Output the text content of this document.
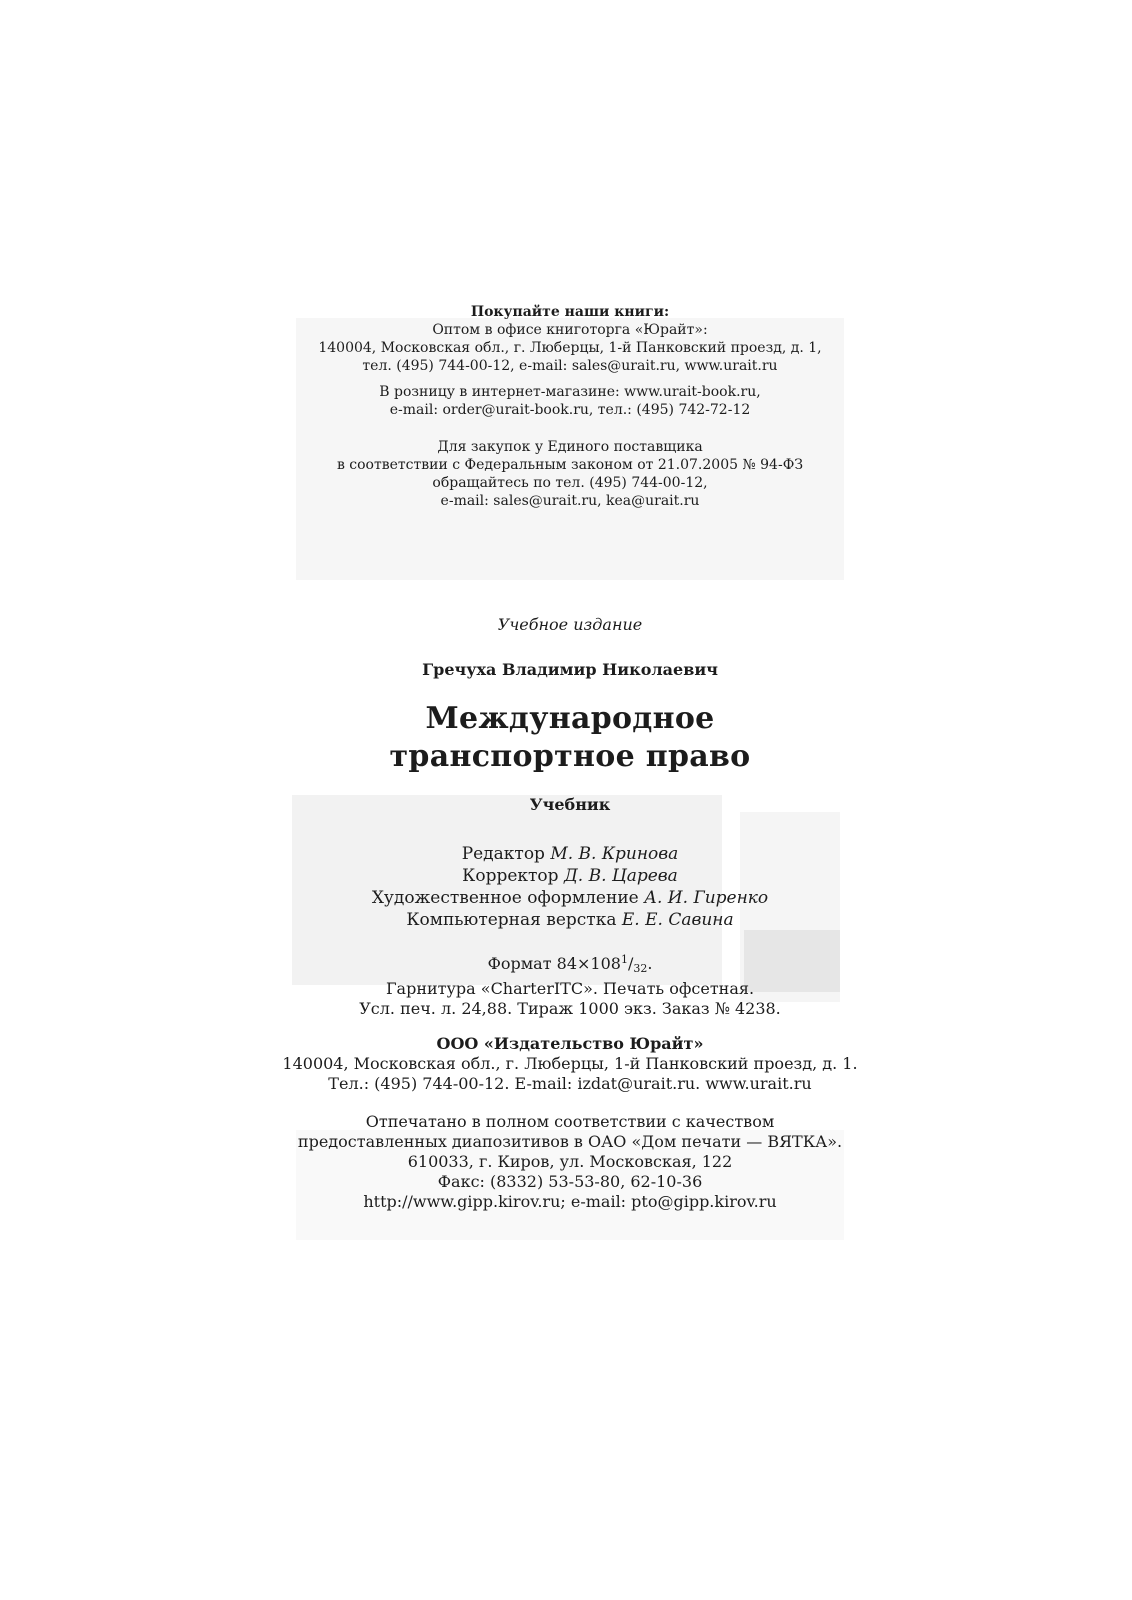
Покупайте наши книги:
Оптом в офисе книготорга «Юрайт»:
140004, Московская обл., г. Люберцы, 1-й Панковский проезд, д. 1,
тел. (495) 744-00-12, e-mail: sales@urait.ru, www.urait.ru
В розницу в интернет-магазине: www.urait-book.ru,
e-mail: order@urait-book.ru, тел.: (495) 742-72-12
Для закупок у Единого поставщика
в соответствии с Федеральным законом от 21.07.2005 № 94-ФЗ
обращайтесь по тел. (495) 744-00-12,
e-mail: sales@urait.ru, kea@urait.ru
Учебное издание
Гречуха Владимир Николаевич
Международное
транспортное право
Учебник
Редактор М. В. Кринова
Корректор Д. В. Царева
Художественное оформление А. И. Гиренко
Компьютерная верстка Е. Е. Савина
Формат $84\times 108^1/_{32}$.
Гарнитура «CharterITC». Печать офсетная.
Усл. печ. л. 24,88. Тираж 1000 экз. Заказ № 4238.
ООО «Издательство Юрайт»
140004, Московская обл., г. Люберцы, 1-й Панковский проезд, д. 1.
Тел.: (495) 744-00-12. E-mail: izdat@urait.ru. www.urait.ru
Отпечатано в полном соответствии с качеством
предоставленных диапозитивов в ОАО «Дом печати — ВЯТКА».
610033, г. Киров, ул. Московская, 122
Факс: (8332) 53-53-80, 62-10-36
http://www.gipp.kirov.ru; e-mail: pto@gipp.kirov.ru
